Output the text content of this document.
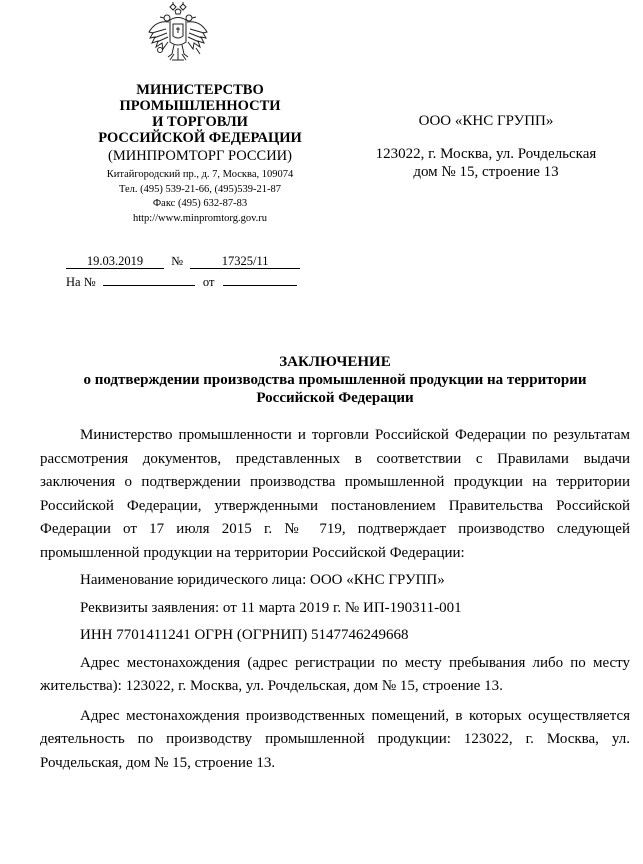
МИНИСТЕРСТВО
ПРОМЫШЛЕННОСТИ
И ТОРГОВЛИ
РОССИЙСКОЙ ФЕДЕРАЦИИ
(МИНПРОМТОРГ РОССИИ)
Китайгородский пр., д. 7, Москва, 109074
Тел. (495) 539-21-66, (495)539-21-87
Факс (495) 632-87-83
http://www.minpromtorg.gov.ru
19.03.2019 №	17325/11
На №	от
ООО «КНС ГРУПП»
123022, г. Москва, ул. Рочдельская
дом № 15, строение 13
ЗАКЛЮЧЕНИЕ
о подтверждении производства промышленной продукции на территории
Российской Федерации

Министерство промышленности и торговли Российской Федерации по результатам рассмотрения документов, представленных в соответствии с Правилами выдачи заключения о подтверждении производства промышленной продукции на территории Российской Федерации, утвержденными постановлением Правительства Российской Федерации от 17 июля 2015 г. № 719, подтверждает производство следующей промышленной продукции на территории Российской Федерации:

Наименование юридического лица: ООО «КНС ГРУПП»

Реквизиты заявления: от 11 марта 2019 г. № ИП-190311-001

ИНН 7701411241 ОГРН (ОГРНИП) 5147746249668

Адрес местонахождения (адрес регистрации по месту пребывания либо по месту жительства): 123022, г. Москва, ул. Рочдельская, дом № 15, строение 13.

Адрес местонахождения производственных помещений, в которых осуществляется деятельность по производству промышленной продукции: 123022, г. Москва, ул. Рочдельская, дом № 15, строение 13.
